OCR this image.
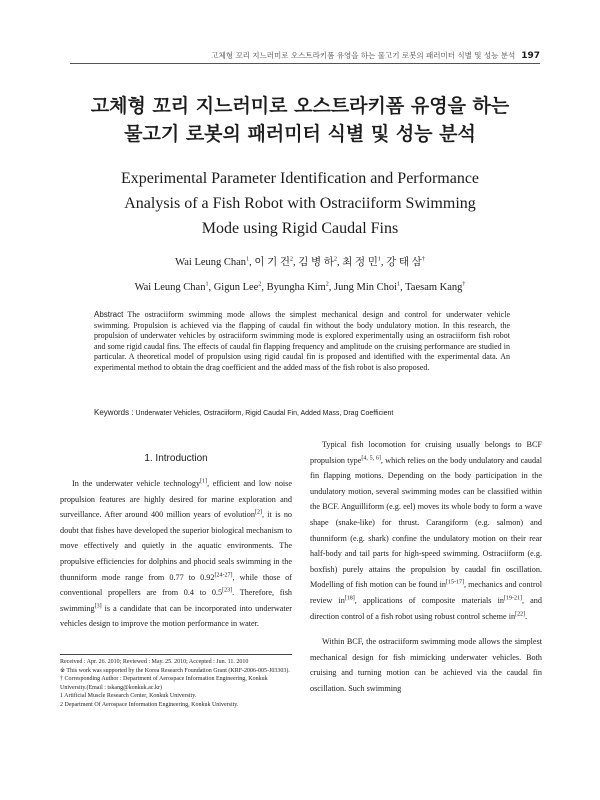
고체형 꼬리 지느러미로 오스트라키폼 유영을 하는 물고기 로봇의 패러미터 식별 및 성능 분석 197
고체형 꼬리 지느러미로 오스트라키폼 유영을 하는
물고기 로봇의 패러미터 식별 및 성능 분석
Experimental Parameter Identification and Performance
Analysis of a Fish Robot with Ostraciiform Swimming
Mode using Rigid Caudal Fins
Wai Leung Chan$^1$, 이 기 건$^2$, 김 병 하$^2$, 최 정 민$^1$, 강 태 삼†
Wai Leung Chan$^1$, Gigun Lee$^2$, Byungha Kim$^2$, Jung Min Choi$^1$, Taesam Kang†
Abstract The ostraciiform swimming mode allows the simplest mechanical design and control for underwater vehicle swimming. Propulsion is achieved via the flapping of caudal fin without the body undulatory motion. In this research, the propulsion of underwater vehicles by ostraciiform swimming mode is explored experimentally using an ostraciiform fish robot and some rigid caudal fins. The effects of caudal fin flapping frequency and amplitude on the cruising performance are studied in particular. A theoretical model of propulsion using rigid caudal fin is proposed and identified with the experimental data. An experimental method to obtain the drag coefficient and the added mass of the fish robot is also proposed.
Keywords : Underwater Vehicles, Ostraciiform, Rigid Caudal Fin, Added Mass, Drag Coefficient
1. Introduction
In the underwater vehicle technology[1], efficient and low noise propulsion features are highly desired for marine exploration and surveillance. After around 400 million years of evolution[2], it is no doubt that fishes have developed the superior biological mechanism to move effectively and quietly in the aquatic environments. The propulsive efficiencies for dolphins and phocid seals swimming in the thunniform mode range from 0.77 to 0.92[24-27], while those of conventional propellers are from 0.4 to 0.5[23]. Therefore, fish swimming[3] is a candidate that can be incorporated into underwater vehicles design to improve the motion performance in water.
Typical fish locomotion for cruising usually belongs to BCF propulsion type[4, 5, 6], which relies on the body undulatory and caudal fin flapping motions. Depending on the body participation in the undulatory motion, several swimming modes can be classified within the BCF. Anguilliform (e.g. eel) moves its whole body to form a wave shape (snake-like) for thrust. Carangiform (e.g. salmon) and thunniform (e.g. shark) confine the undulatory motion on their rear half-body and tail parts for high-speed swimming. Ostraciiform (e.g. boxfish) purely attains the propulsion by caudal fin oscillation. Modelling of fish motion can be found in[15-17], mechanics and control review in[18], applications of composite materials in[19-21], and direction control of a fish robot using robust control scheme in[22].
Within BCF, the ostraciiform swimming mode allows the simplest mechanical design for fish mimicking underwater vehicles. Both cruising and turning motion can be achieved via the caudal fin oscillation. Such swimming
Received : Apr. 26. 2010; Reviewed : May. 25. 2010; Accepted : Jun. 11. 2010
※ This work was supported by the Korea Research Foundation Grant (KRF-2006-005-J03303).
† Corresponding Author : Department of Aerospace Information Engineering, Konkuk University.(Email : tskang@konkuk.ac.kr)
1 Artificial Muscle Research Center, Konkuk University.
2 Department Of Aerospace Information Engineering, Konkuk University.
